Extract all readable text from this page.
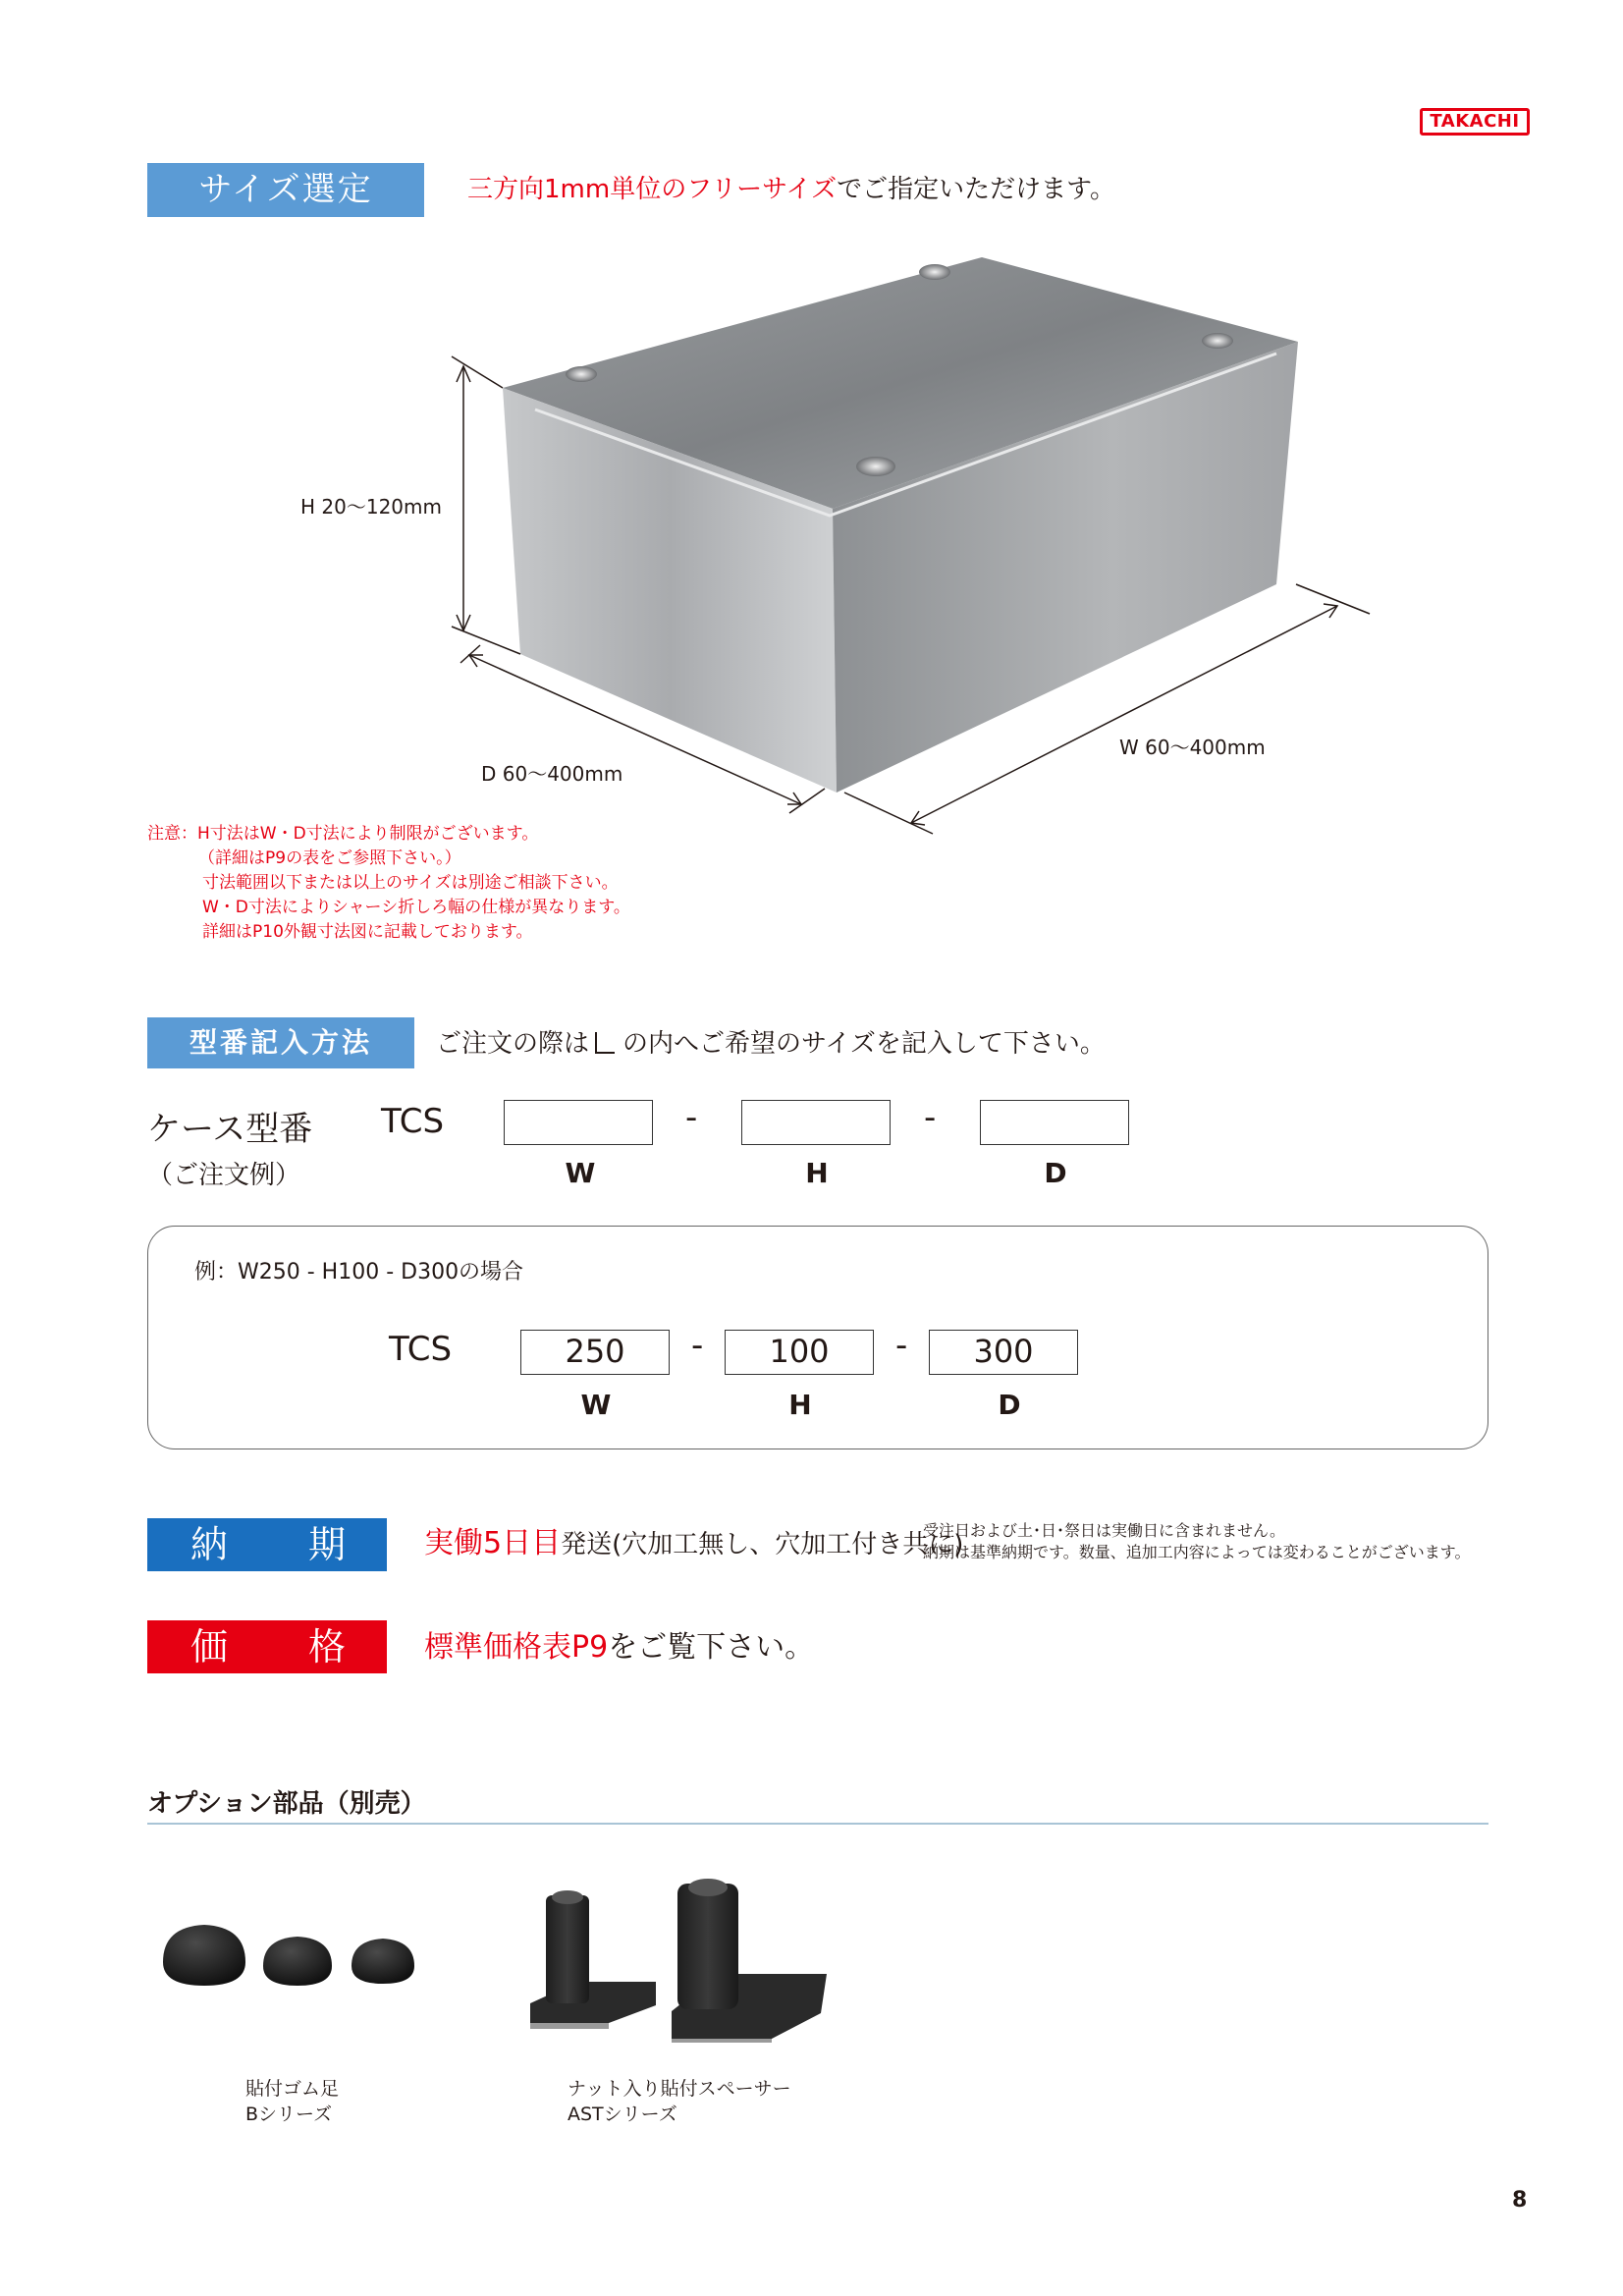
TAKACHI
サイズ選定	三方向1mm単位のフリーサイズでご指定いただけます。
H 20〜120mm
W 60〜400mm
D 60〜400mm
注意：H寸法はW・D寸法により制限がございます。
（詳細はP9の表をご参照下さい。）
寸法範囲以下または以上のサイズは別途ご相談下さい。
W・D寸法によりシャーシ折しろ幅の仕様が異なります。
詳細はP10外観寸法図に記載しております。
型番記入方法	ご注文の際は の内へご希望のサイズを記入して下さい。
ケース型番 TCS	-	-
（ご注文例）	W	H	D
例：W250 - H100 - D300の場合
TCS	250	-	100	-	300
W	H	D
納 期	実働5日目発送(穴加工無し、穴加工付き共に)
受注日および土･日･祭日は実働日に含まれません。
納期は基準納期です。数量、追加工内容によっては変わることがございます。
価 格	標準価格表P9をご覧下さい。
オプション部品（別売）
貼付ゴム足
Bシリーズ
ナット入り貼付スペーサー
ASTシリーズ
8
